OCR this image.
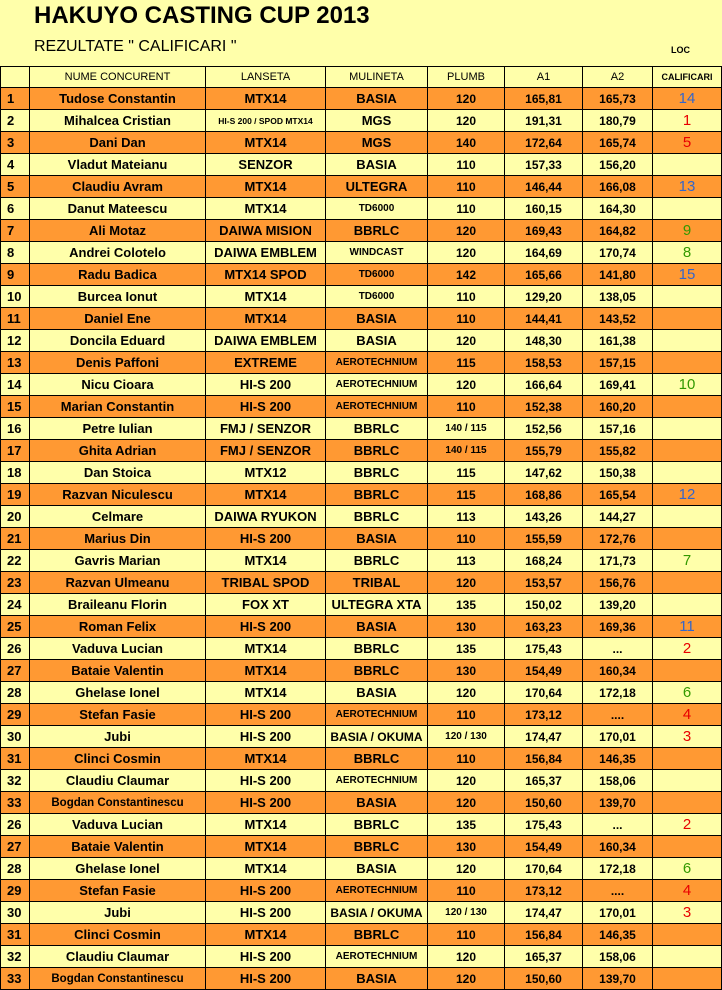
HAKUYO CASTING CUP 2013
REZULTATE " CALIFICARI "	LOC
	NUME CONCURENT	LANSETA	MULINETA	PLUMB	A1	A2	CALIFICARI
1	Tudose Constantin	MTX14	BASIA	120	165,81	165,73	14
2	Mihalcea Cristian	HI-S 200 / SPOD MTX14	MGS	120	191,31	180,79	1
3	Dani Dan	MTX14	MGS	140	172,64	165,74	5
4	Vladut Mateianu	SENZOR	BASIA	110	157,33	156,20	
5	Claudiu Avram	MTX14	ULTEGRA	110	146,44	166,08	13
6	Danut Mateescu	MTX14	TD6000	110	160,15	164,30	
7	Ali Motaz	DAIWA MISION	BBRLC	120	169,43	164,82	9
8	Andrei Colotelo	DAIWA EMBLEM	WINDCAST	120	164,69	170,74	8
9	Radu Badica	MTX14 SPOD	TD6000	142	165,66	141,80	15
10	Burcea Ionut	MTX14	TD6000	110	129,20	138,05	
11	Daniel Ene	MTX14	BASIA	110	144,41	143,52	
12	Doncila Eduard	DAIWA EMBLEM	BASIA	120	148,30	161,38	
13	Denis Paffoni	EXTREME	AEROTECHNIUM	115	158,53	157,15	
14	Nicu Cioara	HI-S 200	AEROTECHNIUM	120	166,64	169,41	10
15	Marian Constantin	HI-S 200	AEROTECHNIUM	110	152,38	160,20	
16	Petre Iulian	FMJ / SENZOR	BBRLC	140 / 115	152,56	157,16	
17	Ghita Adrian	FMJ / SENZOR	BBRLC	140 / 115	155,79	155,82	
18	Dan Stoica	MTX12	BBRLC	115	147,62	150,38	
19	Razvan Niculescu	MTX14	BBRLC	115	168,86	165,54	12
20	Celmare	DAIWA RYUKON	BBRLC	113	143,26	144,27	
21	Marius Din	HI-S 200	BASIA	110	155,59	172,76	
22	Gavris Marian	MTX14	BBRLC	113	168,24	171,73	7
23	Razvan Ulmeanu	TRIBAL SPOD	TRIBAL	120	153,57	156,76	
24	Braileanu Florin	FOX XT	ULTEGRA XTA	135	150,02	139,20	
25	Roman Felix	HI-S 200	BASIA	130	163,23	169,36	11
26	Vaduva Lucian	MTX14	BBRLC	135	175,43	...	2
27	Bataie Valentin	MTX14	BBRLC	130	154,49	160,34	
28	Ghelase Ionel	MTX14	BASIA	120	170,64	172,18	6
29	Stefan Fasie	HI-S 200	AEROTECHNIUM	110	173,12	....	4
30	Jubi	HI-S 200	BASIA / OKUMA	120 / 130	174,47	170,01	3
31	Clinci Cosmin	MTX14	BBRLC	110	156,84	146,35	
32	Claudiu Claumar	HI-S 200	AEROTECHNIUM	120	165,37	158,06	
33	Bogdan Constantinescu	HI-S 200	BASIA	120	150,60	139,70	
26	Vaduva Lucian	MTX14	BBRLC	135	175,43	...	2
27	Bataie Valentin	MTX14	BBRLC	130	154,49	160,34	
28	Ghelase Ionel	MTX14	BASIA	120	170,64	172,18	6
29	Stefan Fasie	HI-S 200	AEROTECHNIUM	110	173,12	....	4
30	Jubi	HI-S 200	BASIA / OKUMA	120 / 130	174,47	170,01	3
31	Clinci Cosmin	MTX14	BBRLC	110	156,84	146,35	
32	Claudiu Claumar	HI-S 200	AEROTECHNIUM	120	165,37	158,06	
33	Bogdan Constantinescu	HI-S 200	BASIA	120	150,60	139,70	
